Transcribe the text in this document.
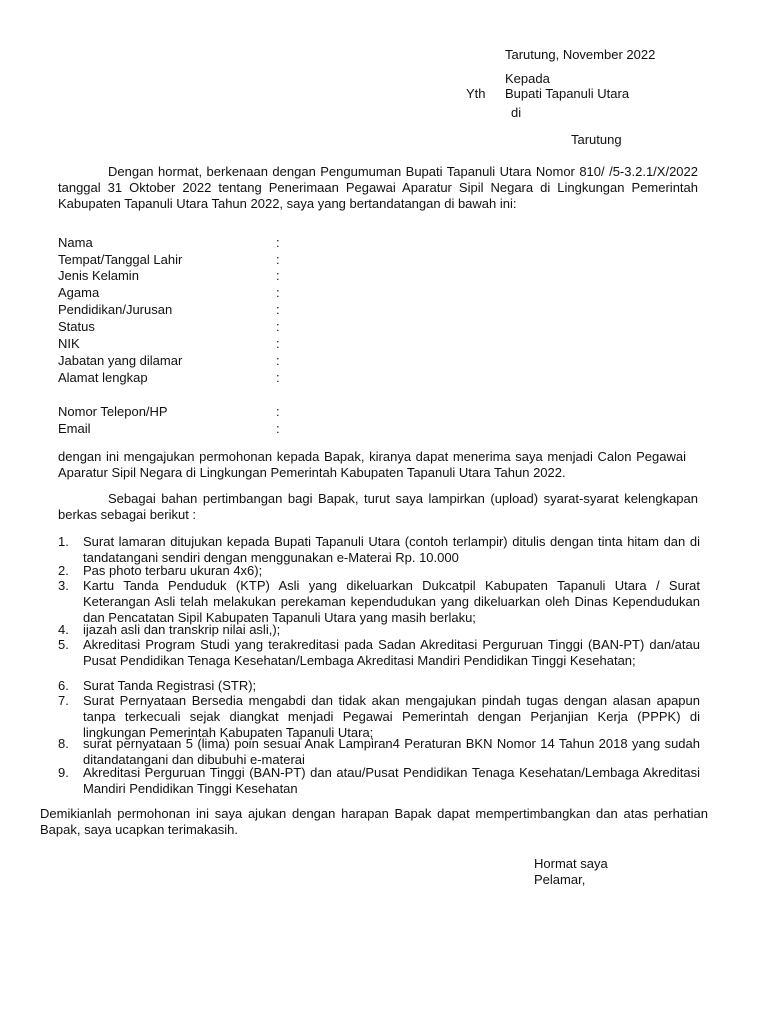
Tarutung, November 2022
Kepada
Yth Bupati Tapanuli Utara
di
Tarutung

Dengan hormat, berkenaan dengan Pengumuman Bupati Tapanuli Utara Nomor 810/ /5-3.2.1/X/2022 tanggal 31 Oktober 2022 tentang Penerimaan Pegawai Aparatur Sipil Negara di Lingkungan Pemerintah Kabupaten Tapanuli Utara Tahun 2022, saya yang bertandatangan di bawah ini:

Nama	:
Tempat/Tanggal Lahir	:
Jenis Kelamin	:
Agama	:
Pendidikan/Jurusan	:
Status	:
NIK	:
Jabatan yang dilamar	:
Alamat lengkap	:
Nomor Telepon/HP	:
Email	:

dengan ini mengajukan permohonan kepada Bapak, kiranya dapat menerima saya menjadi Calon Pegawai Aparatur Sipil Negara di Lingkungan Pemerintah Kabupaten Tapanuli Utara Tahun 2022.

Sebagai bahan pertimbangan bagi Bapak, turut saya lampirkan (upload) syarat-syarat kelengkapan berkas sebagai berikut :

1. Surat lamaran ditujukan kepada Bupati Tapanuli Utara (contoh terlampir) ditulis dengan tinta hitam dan di tandatangani sendiri dengan menggunakan e-Materai Rp. 10.000
2. Pas photo terbaru ukuran 4x6);
3. Kartu Tanda Penduduk (KTP) Asli yang dikeluarkan Dukcatpil Kabupaten Tapanuli Utara / Surat Keterangan Asli telah melakukan perekaman kependudukan yang dikeluarkan oleh Dinas Kependudukan dan Pencatatan Sipil Kabupaten Tapanuli Utara yang masih berlaku;
4. ijazah asli dan transkrip nilai asli,);
5. Akreditasi Program Studi yang terakreditasi pada Sadan Akreditasi Perguruan Tinggi (BAN-PT) dan/atau Pusat Pendidikan Tenaga Kesehatan/Lembaga Akreditasi Mandiri Pendidikan Tinggi Kesehatan;
6. Surat Tanda Registrasi (STR);
7. Surat Pernyataan Bersedia mengabdi dan tidak akan mengajukan pindah tugas dengan alasan apapun tanpa terkecuali sejak diangkat menjadi Pegawai Pemerintah dengan Perjanjian Kerja (PPPK) di lingkungan Pemerintah Kabupaten Tapanuli Utara;
8. surat pernyataan 5 (lima) poin sesuai Anak Lampiran4 Peraturan BKN Nomor 14 Tahun 2018 yang sudah ditandatangani dan dibubuhi e-materai
9. Akreditasi Perguruan Tinggi (BAN-PT) dan atau/Pusat Pendidikan Tenaga Kesehatan/Lembaga Akreditasi Mandiri Pendidikan Tinggi Kesehatan

Demikianlah permohonan ini saya ajukan dengan harapan Bapak dapat mempertimbangkan dan atas perhatian Bapak, saya ucapkan terimakasih.

Hormat saya
Pelamar,
